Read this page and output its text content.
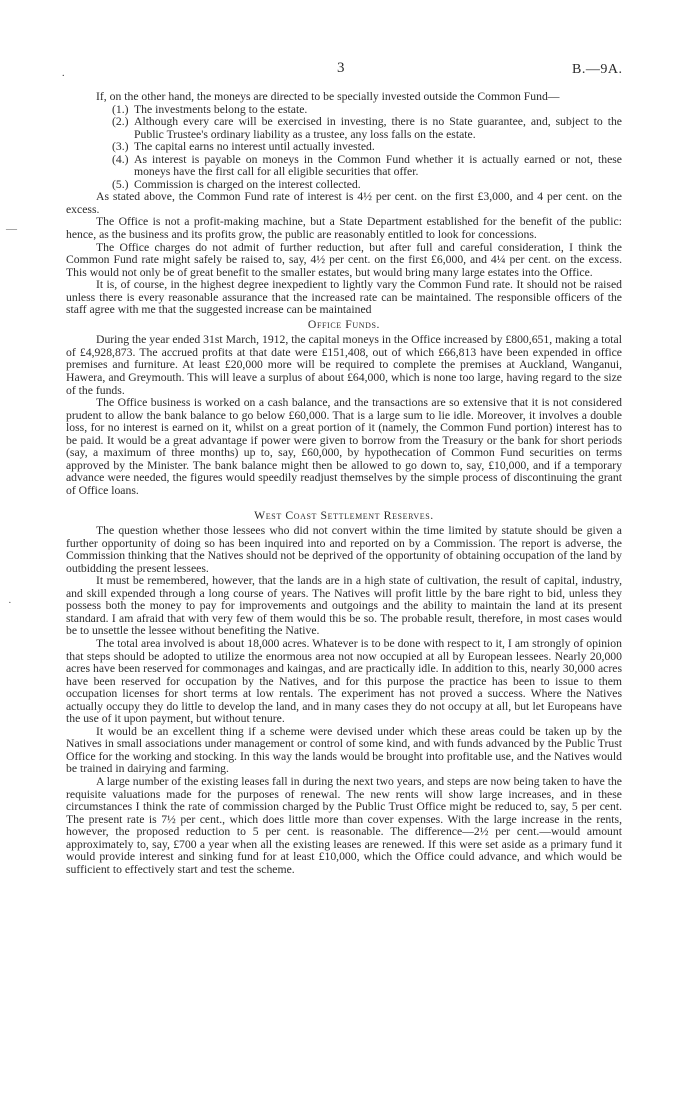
.	3	B.—9A.
—
·

If, on the other hand, the moneys are directed to be specially invested outside the Common Fund—

(1.) The investments belong to the estate.
(2.) Although every care will be exercised in investing, there is no State guarantee, and, subject to the Public Trustee's ordinary liability as a trustee, any loss falls on the estate.
(3.) The capital earns no interest until actually invested.
(4.) As interest is payable on moneys in the Common Fund whether it is actually earned or not, these moneys have the first call for all eligible securities that offer.
(5.) Commission is charged on the interest collected.

As stated above, the Common Fund rate of interest is 4½ per cent. on the first £3,000, and 4 per cent. on the excess.

The Office is not a profit-making machine, but a State Department established for the benefit of the public: hence, as the business and its profits grow, the public are reasonably entitled to look for concessions.

The Office charges do not admit of further reduction, but after full and careful consideration, I think the Common Fund rate might safely be raised to, say, 4½ per cent. on the first £6,000, and 4¼ per cent. on the excess. This would not only be of great benefit to the smaller estates, but would bring many large estates into the Office.

It is, of course, in the highest degree inexpedient to lightly vary the Common Fund rate. It should not be raised unless there is every reasonable assurance that the increased rate can be maintained. The responsible officers of the staff agree with me that the suggested increase can be maintained

Office Funds.

During the year ended 31st March, 1912, the capital moneys in the Office increased by £800,651, making a total of £4,928,873. The accrued profits at that date were £151,408, out of which £66,813 have been expended in office premises and furniture. At least £20,000 more will be required to complete the premises at Auckland, Wanganui, Hawera, and Greymouth. This will leave a surplus of about £64,000, which is none too large, having regard to the size of the funds.

The Office business is worked on a cash balance, and the transactions are so extensive that it is not considered prudent to allow the bank balance to go below £60,000. That is a large sum to lie idle. Moreover, it involves a double loss, for no interest is earned on it, whilst on a great portion of it (namely, the Common Fund portion) interest has to be paid. It would be a great advantage if power were given to borrow from the Treasury or the bank for short periods (say, a maximum of three months) up to, say, £60,000, by hypothecation of Common Fund securities on terms approved by the Minister. The bank balance might then be allowed to go down to, say, £10,000, and if a temporary advance were needed, the figures would speedily readjust themselves by the simple process of discontinuing the grant of Office loans.

West Coast Settlement Reserves.

The question whether those lessees who did not convert within the time limited by statute should be given a further opportunity of doing so has been inquired into and reported on by a Commission. The report is adverse, the Commission thinking that the Natives should not be deprived of the opportunity of obtaining occupation of the land by outbidding the present lessees.

It must be remembered, however, that the lands are in a high state of cultivation, the result of capital, industry, and skill expended through a long course of years. The Natives will profit little by the bare right to bid, unless they possess both the money to pay for improvements and outgoings and the ability to maintain the land at its present standard. I am afraid that with very few of them would this be so. The probable result, therefore, in most cases would be to unsettle the lessee without benefiting the Native.

The total area involved is about 18,000 acres. Whatever is to be done with respect to it, I am strongly of opinion that steps should be adopted to utilize the enormous area not now occupied at all by European lessees. Nearly 20,000 acres have been reserved for commonages and kaingas, and are practically idle. In addition to this, nearly 30,000 acres have been reserved for occupation by the Natives, and for this purpose the practice has been to issue to them occupation licenses for short terms at low rentals. The experiment has not proved a success. Where the Natives actually occupy they do little to develop the land, and in many cases they do not occupy at all, but let Europeans have the use of it upon payment, but without tenure.

It would be an excellent thing if a scheme were devised under which these areas could be taken up by the Natives in small associations under management or control of some kind, and with funds advanced by the Public Trust Office for the working and stocking. In this way the lands would be brought into profitable use, and the Natives would be trained in dairying and farming.

A large number of the existing leases fall in during the next two years, and steps are now being taken to have the requisite valuations made for the purposes of renewal. The new rents will show large increases, and in these circumstances I think the rate of commission charged by the Public Trust Office might be reduced to, say, 5 per cent. The present rate is 7½ per cent., which does little more than cover expenses. With the large increase in the rents, however, the proposed reduction to 5 per cent. is reasonable. The difference—2½ per cent.—would amount approximately to, say, £700 a year when all the existing leases are renewed. If this were set aside as a primary fund it would provide interest and sinking fund for at least £10,000, which the Office could advance, and which would be sufficient to effectively start and test the scheme.
